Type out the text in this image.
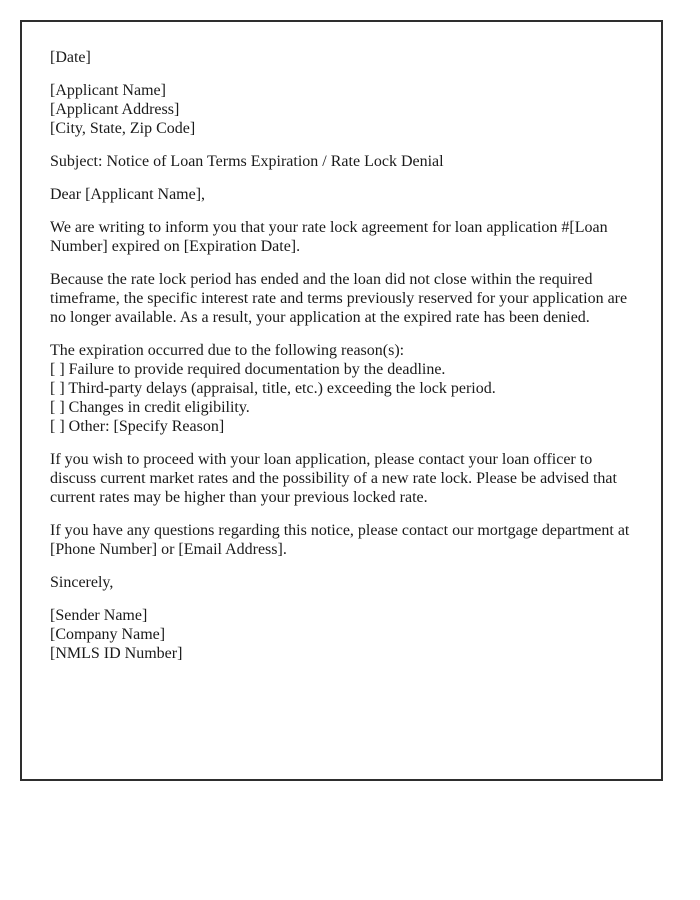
[Date]

[Applicant Name]
[Applicant Address]
[City, State, Zip Code]

Subject: Notice of Loan Terms Expiration / Rate Lock Denial

Dear [Applicant Name],

We are writing to inform you that your rate lock agreement for loan application #[Loan Number] expired on [Expiration Date].

Because the rate lock period has ended and the loan did not close within the required timeframe, the specific interest rate and terms previously reserved for your application are no longer available. As a result, your application at the expired rate has been denied.

The expiration occurred due to the following reason(s):
[ ] Failure to provide required documentation by the deadline.
[ ] Third-party delays (appraisal, title, etc.) exceeding the lock period.
[ ] Changes in credit eligibility.
[ ] Other: [Specify Reason]

If you wish to proceed with your loan application, please contact your loan officer to discuss current market rates and the possibility of a new rate lock. Please be advised that current rates may be higher than your previous locked rate.

If you have any questions regarding this notice, please contact our mortgage department at [Phone Number] or [Email Address].

Sincerely,

[Sender Name]
[Company Name]
[NMLS ID Number]
